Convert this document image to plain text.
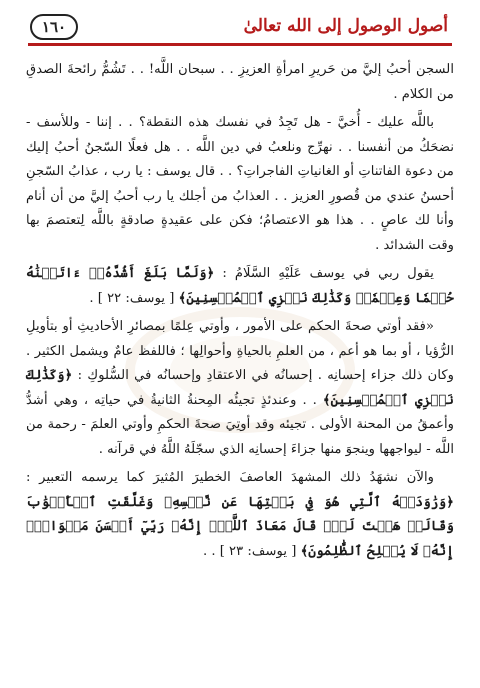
أصول الوصول إلى الله تعالىٰ
١٦٠

السجن أحبُ إليَّ من حَريرِ امرأةِ العزيزِ . . سبحان اللَّه! . . تَشُمُّ رائحةَ الصدقِ من الكلام .

باللَّه عليك - أُخيَّ - هل تَجِدُ في نفسك هذه النقطة؟ . . إننا - وللأسف - نضحَكُ من أنفسنا . . نهرِّج ونلعبُ في دين اللَّه . . هل فعلًا السّجنُ أحبُ إليك من دعوة الفاتناتِ أو الغانياتِ الفاجراتِ؟ . . قال يوسف : يا رب ، عذابُ السّجنِ أحسنُ عندي من قُصورِ العزيز . . العذابُ من أجلك يا رب أحبُ إليَّ من أن أنام وأنا لك عاصٍ . . هذا هو الاعتصامُ؛ فكن على عقيدةٍ صادقةٍ باللَّه لِتعتصمَ بها وقت الشدائد .

يقول ربي في يوسف عَلَيْهِ السَّلَامُ : ﴿وَلَمَّا بَلَغَ أَشُدَّهُۥٓ ءَاتَيۡنَٰهُ حُكۡمٗا وَعِلۡمٗاۚ وَكَذَٰلِكَ نَجۡزِي ٱلۡمُحۡسِنِينَ﴾ [ يوسف: ٢٢ ] .

«فقد أوتي صحةَ الحكم على الأمور ، وأوتي عِلمًا بمصائرِ الأحاديثِ أو بتأويلِ الرُّؤيا ، أو بما هو أعم ، من العلمِ بالحياةِ وأحوالِها ؛ فاللفظ عامٌ ويشمل الكثير . وكان ذلك جزاء إحسانِه . إحسانُه في الاعتقادِ وإحسانُه في السُّلوكِ : ﴿وَكَذَٰلِكَ نَجۡزِي ٱلۡمُحۡسِنِينَ﴾ . . وعندئذٍ تجيئُه المِحنةُ الثانيةُ في حياتِه ، وهي أشدُّ وأعمقُ من المحنة الأولى . تجيئه وقد أوتِيَ صحةَ الحكمِ وأوتي العلمَ - رحمة من اللَّه - ليواجهها وينجوَ منها جزاءَ إحسانِه الذي سجّلَهُ اللَّهُ في قرآنه .

والآن نشهَدُ ذلك المشهدَ العاصفَ الخطيرَ المُثيرَ كما يرسمه التعبير : ﴿وَرَٰوَدَتۡهُ ٱلَّتِي هُوَ فِي بَيۡتِهَا عَن نَّفۡسِهِۦ وَغَلَّقَتِ ٱلۡأَبۡوَٰبَ وَقَالَتۡ هَيۡتَ لَكَۚ قَالَ مَعَاذَ ٱللَّهِۖ إِنَّهُۥ رَبِّيٓ أَحۡسَنَ مَثۡوَايَۖ إِنَّهُۥ لَا يُفۡلِحُ ٱلظَّٰلِمُونَ﴾ [ يوسف: ٢٣ ] . .
